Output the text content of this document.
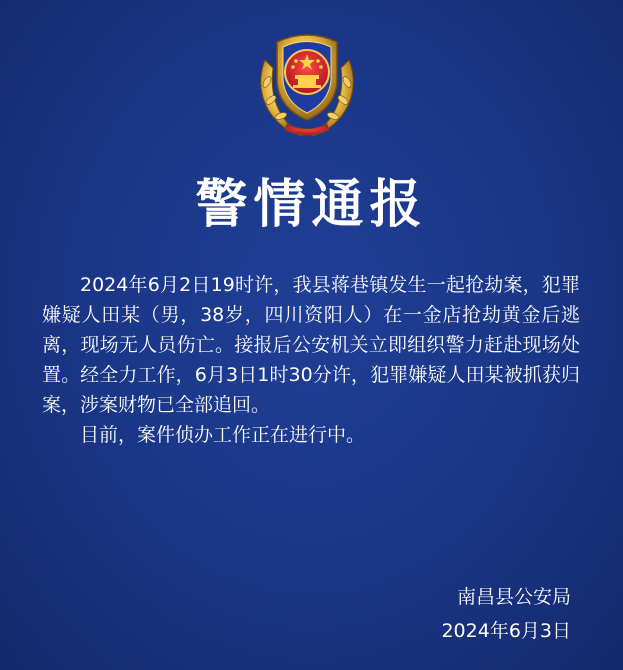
警情通报

2024年6月2日19时许，我县蒋巷镇发生一起抢劫案，犯罪嫌疑人田某（男，38岁，四川资阳人）在一金店抢劫黄金后逃离，现场无人员伤亡。接报后公安机关立即组织警力赶赴现场处置。经全力工作，6月3日1时30分许，犯罪嫌疑人田某被抓获归案，涉案财物已全部追回。

目前，案件侦办工作正在进行中。

南昌县公安局
2024年6月3日
